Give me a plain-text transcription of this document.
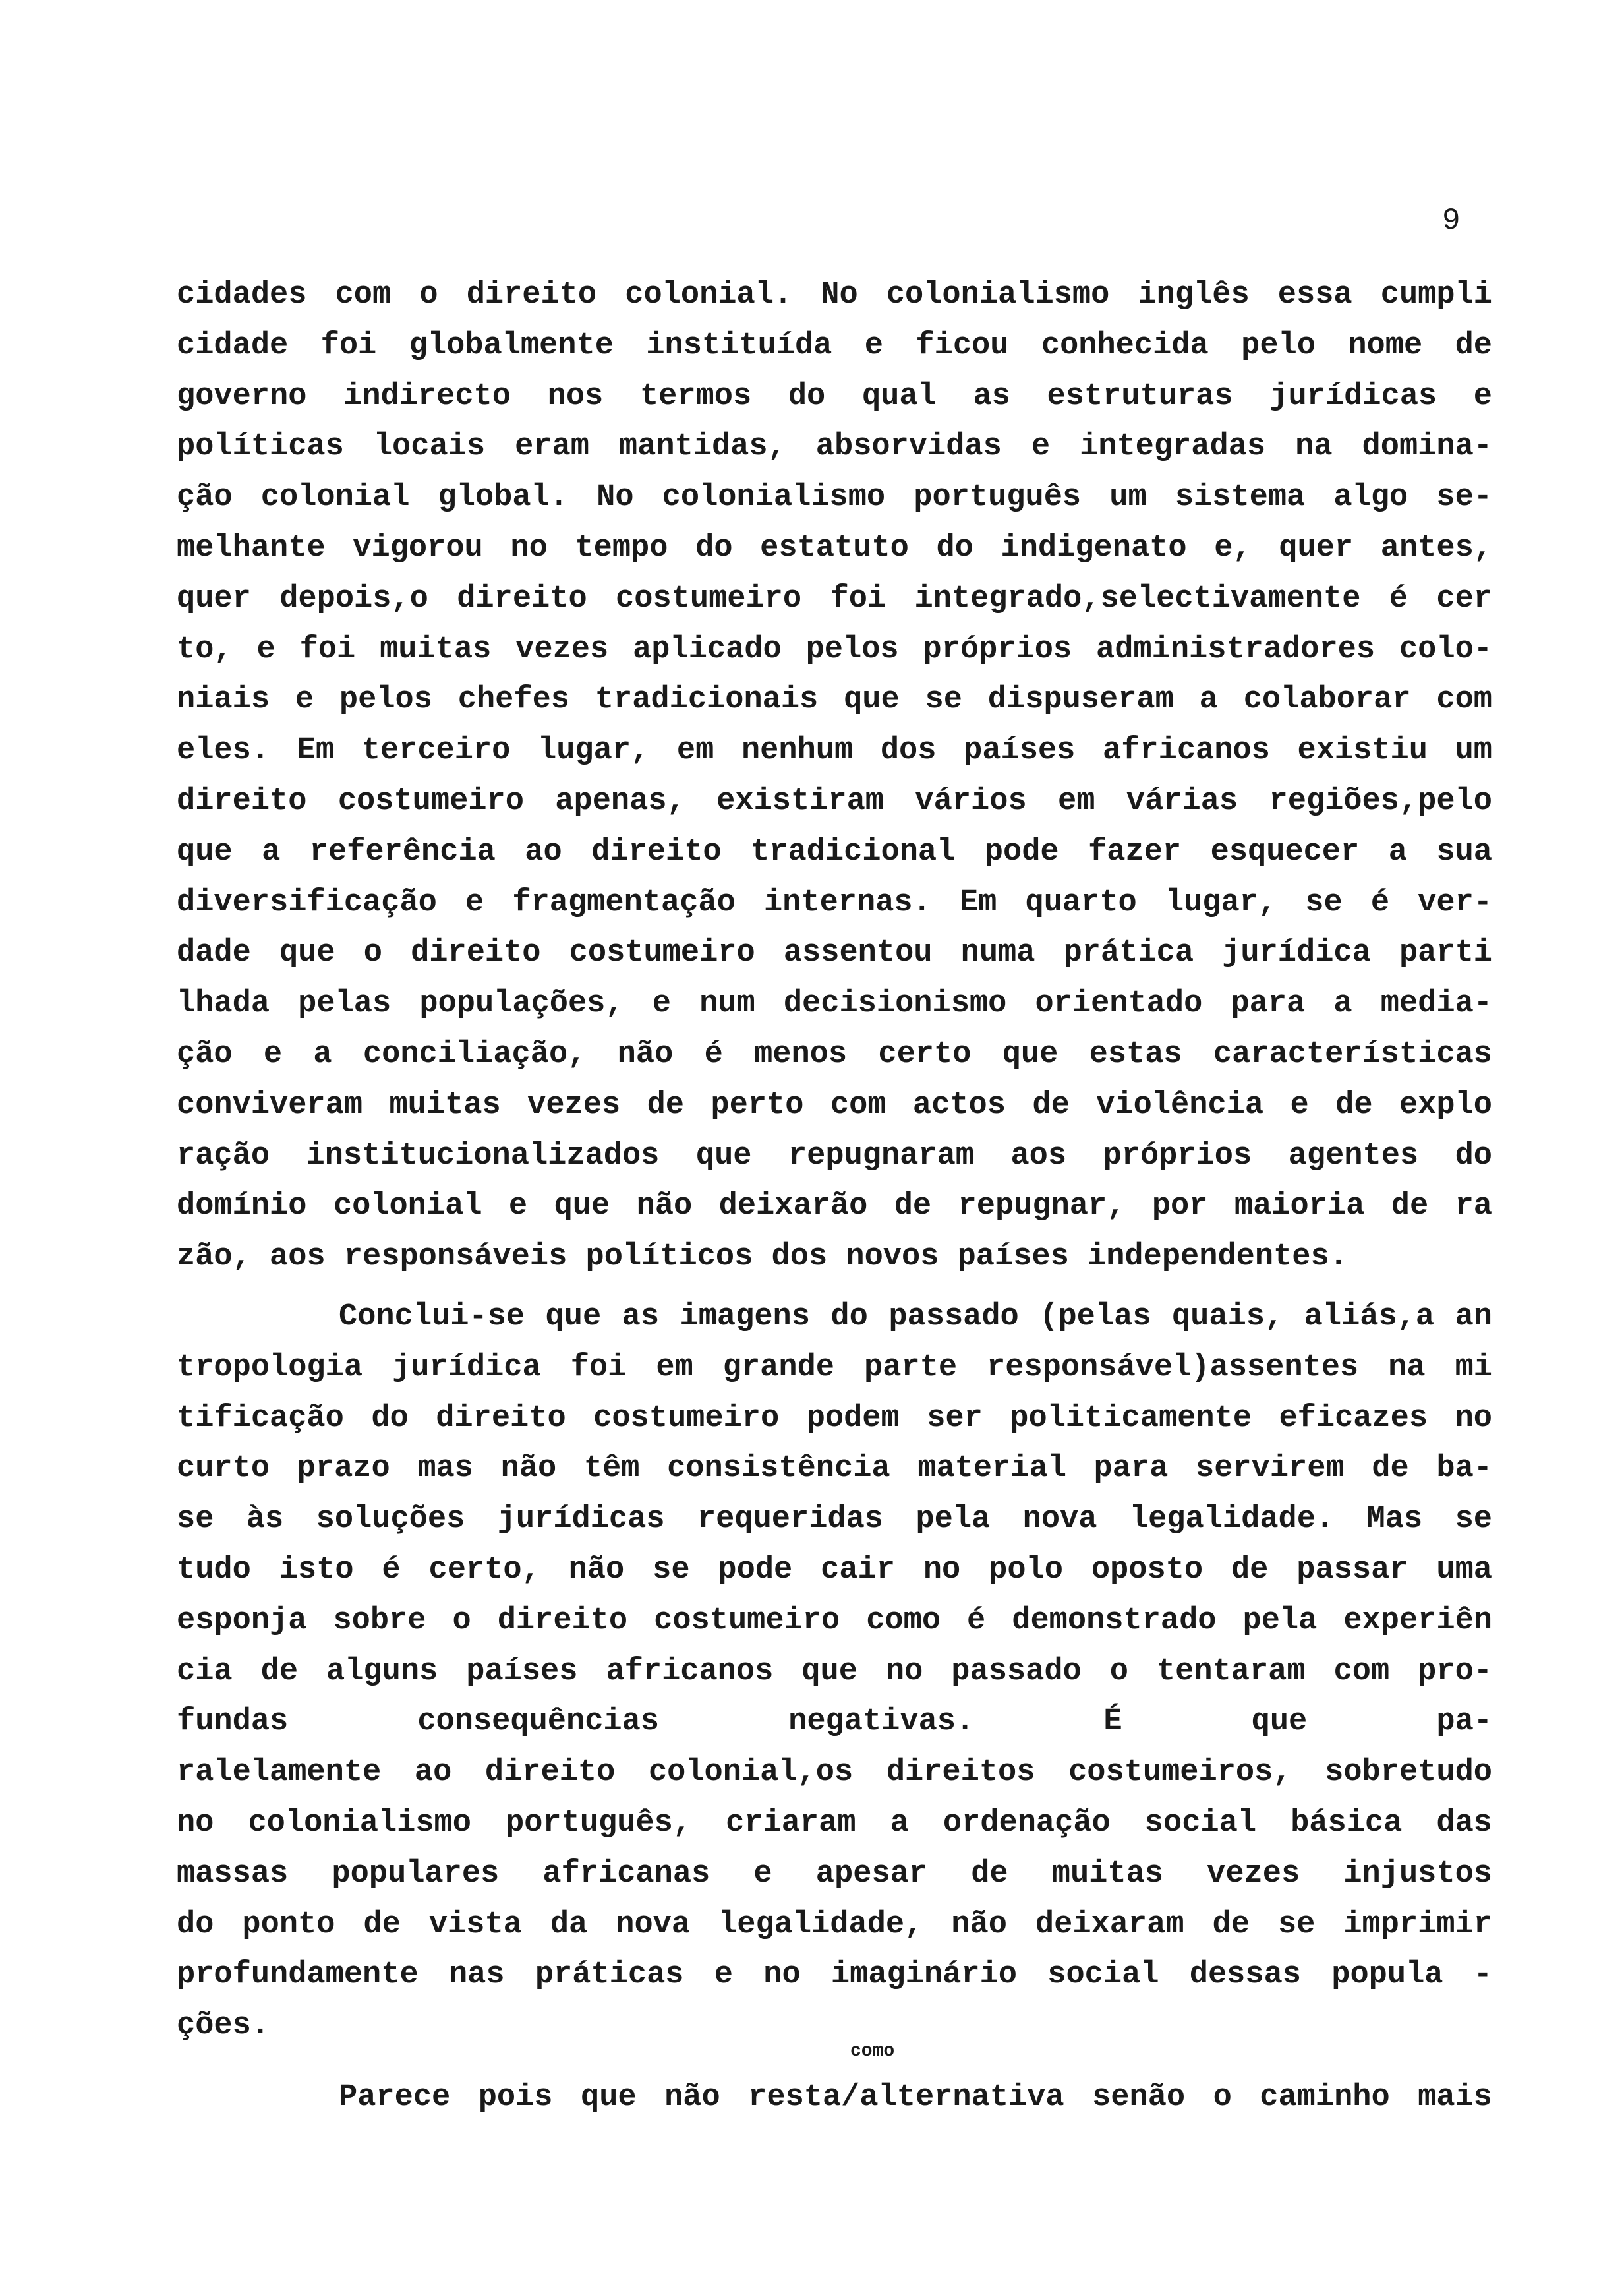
9
cidades com o direito colonial. No colonialismo inglês essa cumpli
cidade foi globalmente instituída e ficou conhecida pelo nome de
governo indirecto nos termos do qual as estruturas jurídicas e
políticas locais eram mantidas, absorvidas e integradas na domina-
ção colonial global. No colonialismo português um sistema algo se-
melhante vigorou no tempo do estatuto do indigenato e, quer antes,
quer depois,o direito costumeiro foi integrado,selectivamente é cer
to, e foi muitas vezes aplicado pelos próprios administradores colo-
niais e pelos chefes tradicionais que se dispuseram a colaborar com
eles. Em terceiro lugar, em nenhum dos países africanos existiu um
direito costumeiro apenas, existiram vários em várias regiões,pelo
que a referência ao direito tradicional pode fazer esquecer a sua
diversificação e fragmentação internas. Em quarto lugar, se é ver-
dade que o direito costumeiro assentou numa prática jurídica parti
lhada pelas populações, e num decisionismo orientado para a media-
ção e a conciliação, não é menos certo que estas características
conviveram muitas vezes de perto com actos de violência e de explo
ração institucionalizados que repugnaram aos próprios agentes do
domínio colonial e que não deixarão de repugnar, por maioria de ra
zão, aos responsáveis políticos dos novos países independentes.
Conclui-se que as imagens do passado (pelas quais, aliás,a an
tropologia jurídica foi em grande parte responsável)assentes na mi
tificação do direito costumeiro podem ser politicamente eficazes no
curto prazo mas não têm consistência material para servirem de ba-
se às soluções jurídicas requeridas pela nova legalidade. Mas se
tudo isto é certo, não se pode cair no polo oposto de passar uma
esponja sobre o direito costumeiro como é demonstrado pela experiên
cia de alguns países africanos que no passado o tentaram com pro-
fundas consequências negativas. É que pa-
ralelamente ao direito colonial,os direitos costumeiros, sobretudo
no colonialismo português, criaram a ordenação social básica das
massas populares africanas e apesar de muitas vezes injustos
do ponto de vista da nova legalidade, não deixaram de se imprimir
profundamente nas práticas e no imaginário social dessas popula -
ções.
Parece pois que não resta/alternativa senão o caminho mais
como
